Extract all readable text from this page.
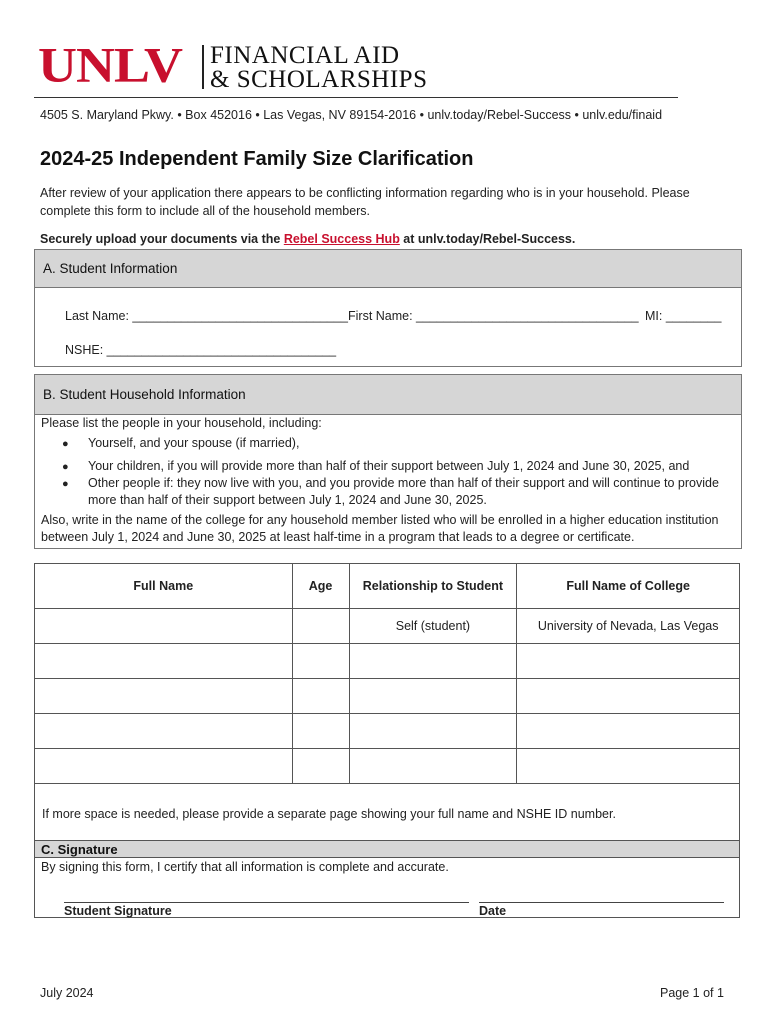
UNLV FINANCIAL AID
& SCHOLARSHIPS
4505 S. Maryland Pkwy. • Box 452016 • Las Vegas, NV 89154-2016 • unlv.today/Rebel-Success • unlv.edu/finaid
2024-25 Independent Family Size Clarification
After review of your application there appears to be conflicting information regarding who is in your household. Please complete this form to include all of the household members.
Securely upload your documents via the Rebel Success Hub at unlv.today/Rebel-Success.
A. Student Information
Last Name: _______________________________ First Name: ________________________________ MI: ________
NSHE: _________________________________
B. Student Household Information
Please list the people in your household, including:
● Yourself, and your spouse (if married),
● Your children, if you will provide more than half of their support between July 1, 2024 and June 30, 2025, and
● Other people if: they now live with you, and you provide more than half of their support and will continue to provide more than half of their support between July 1, 2024 and June 30, 2025.
Also, write in the name of the college for any household member listed who will be enrolled in a higher education institution between July 1, 2024 and June 30, 2025 at least half-time in a program that leads to a degree or certificate.
Full Name	Age	Relationship to Student	Full Name of College
		Self (student)	University of Nevada, Las Vegas

If more space is needed, please provide a separate page showing your full name and NSHE ID number.			
C. Signature
By signing this form, I certify that all information is complete and accurate.
Student Signature	Date
July 2024	Page 1 of 1
